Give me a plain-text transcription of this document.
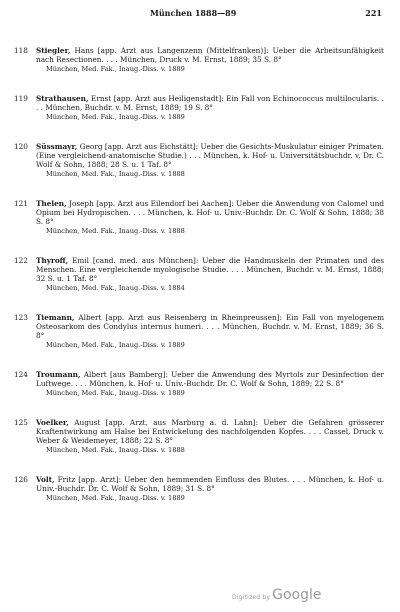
München 1888—89	221
118 Stiegler, Hans [app. Arzt aus Langenzenn (Mittelfranken)]: Ueber die Arbeitsunfähigkeit nach Resectionen. . . . München, Druck v. M. Ernst, 1889; 35 S. 8°
München, Med. Fak., Inaug.-Diss. v. 1889
119 Strathausen, Ernst [app. Arzt aus Heiligenstadt]: Ein Fall von Echinococcus multilocularis. . . . München, Buchdr. v. M. Ernst, 1889; 19 S. 8°
München, Med. Fak., Inaug.-Diss. v. 1889
120 Süssmayr, Georg [app. Arzt aus Eichstätt]: Ueber die Gesichts-Muskulatur einiger Primaten. (Eine vergleichend-anatomische Studie.) . . . München, k. Hof- u. Universitätsbuchdr. v. Dr. C. Wolf & Sohn, 1888; 28 S. u. 1 Taf. 8°
München, Med. Fak., Inaug.-Diss. v. 1888
121 Thelen, Joseph [app. Arzt aus Eilendorf bei Aachen]: Ueber die Anwendung von Calomel und Opium bei Hydropischen. . . . München, k. Hof- u. Univ.-Buchdr. Dr. C. Wolf & Sohn, 1888; 38 S. 8°
München, Med. Fak., Inaug.-Diss. v. 1888
122 Thyroff, Emil [cand. med. aus München]: Ueber die Handmuskeln der Primaten und des Menschen. Eine vergleichende myologische Studie. . . . München, Buchdr. v. M. Ernst, 1888; 32 S. u. 1 Taf. 8°
München, Med. Fak., Inaug.-Diss. v. 1884
123 Tiemann, Albert [app. Arzt aus Reisenberg in Rheinpreussen]: Ein Fall von myelogenem Osteosarkom des Condylus internus humeri. . . . München, Buchdr. v. M. Ernst, 1889; 36 S. 8°
München, Med. Fak., Inaug.-Diss. v. 1889
124 Troumann, Albert [aus Bamberg]: Ueber die Anwendung des Myrtols zur Desinfection der Luftwege. . . . München, k. Hof- u. Univ.-Buchdr. Dr. C. Wolf & Sohn, 1889; 22 S. 8°
München, Med. Fak., Inaug.-Diss. v. 1889
125 Voelker, August [app. Arzt, aus Marburg a. d. Lahn]: Ueber die Gefahren grösserer Kraftentwirkung am Halse bei Entwickelung des nachfolgenden Kopfes. . . . Cassel, Druck v. Weber & Weidemeyer, 1888; 22 S. 8°
München, Med. Fak., Inaug.-Diss. v. 1888
126 Volt, Fritz [app. Arzt]: Ueber den hemmenden Einfluss des Blutes. . . . München, k. Hof- u. Univ.-Buchdr. Dr. C. Wolf & Sohn, 1889; 31 S. 8°
München, Med. Fak., Inaug.-Diss. v. 1889
Digitized by Google
